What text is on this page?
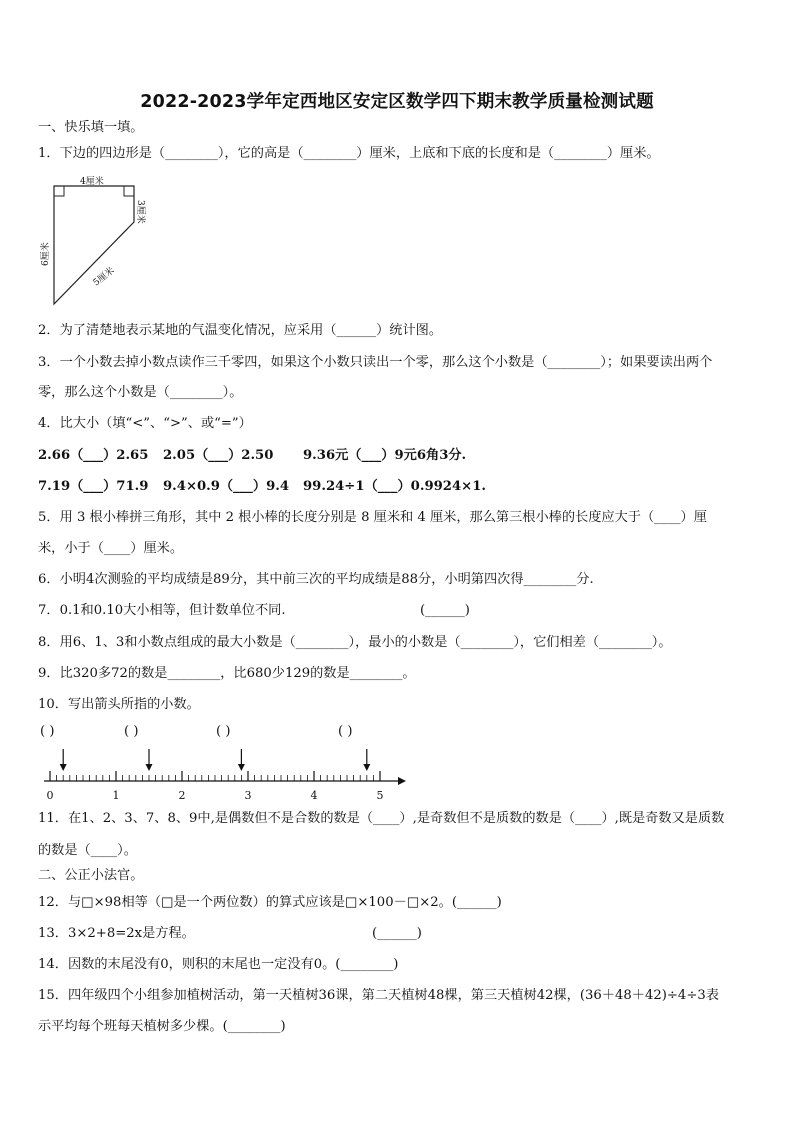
2022-2023学年定西地区安定区数学四下期末教学质量检测试题
一、快乐填一填。
1．下边的四边形是（________），它的高是（________）厘米，上底和下底的长度和是（________）厘米。
4厘米
3厘米
6厘米
5厘米
2．为了清楚地表示某地的气温变化情况，应采用（______）统计图。
3．一个小数去掉小数点读作三千零四，如果这个小数只读出一个零，那么这个小数是（________）；如果要读出两个
零，那么这个小数是（________）。
4．比大小（填“<”、“>”、或“=”）
2.66（___）2.65 2.05（___）2.50 9.36元（___）9元6角3分.
7.19（___）71.9 9.4×0.9（___）9.4 99.24÷1（___）0.9924×1.
5．用 3 根小棒拼三角形，其中 2 根小棒的长度分别是 8 厘米和 4 厘米，那么第三根小棒的长度应大于（____）厘
米，小于（____）厘米。
6．小明4次测验的平均成绩是89分，其中前三次的平均成绩是88分，小明第四次得________分.
7．0.1和0.10大小相等，但计数单位不同.	(______)
8．用6、1、3和小数点组成的最大小数是（________），最小的小数是（________），它们相差（________）。
9．比320多72的数是________，比680少129的数是________。
10．写出箭头所指的小数。
( )	( )	( )	( )
0	1	2	3	4	5
11．在1、2、3、7、8、9中,是偶数但不是合数的数是（____）,是奇数但不是质数的数是（____）,既是奇数又是质数
的数是（____）。
二、公正小法官。
12．与□×98相等（□是一个两位数）的算式应该是□×100－□×2。(______)
13．3×2+8=2x是方程。	(______)
14．因数的末尾没有0，则积的末尾也一定没有0。(________)
15．四年级四个小组参加植树活动，第一天植树36课，第二天植树48棵，第三天植树42棵，(36＋48＋42)÷4÷3表
示平均每个班每天植树多少棵。(________)
